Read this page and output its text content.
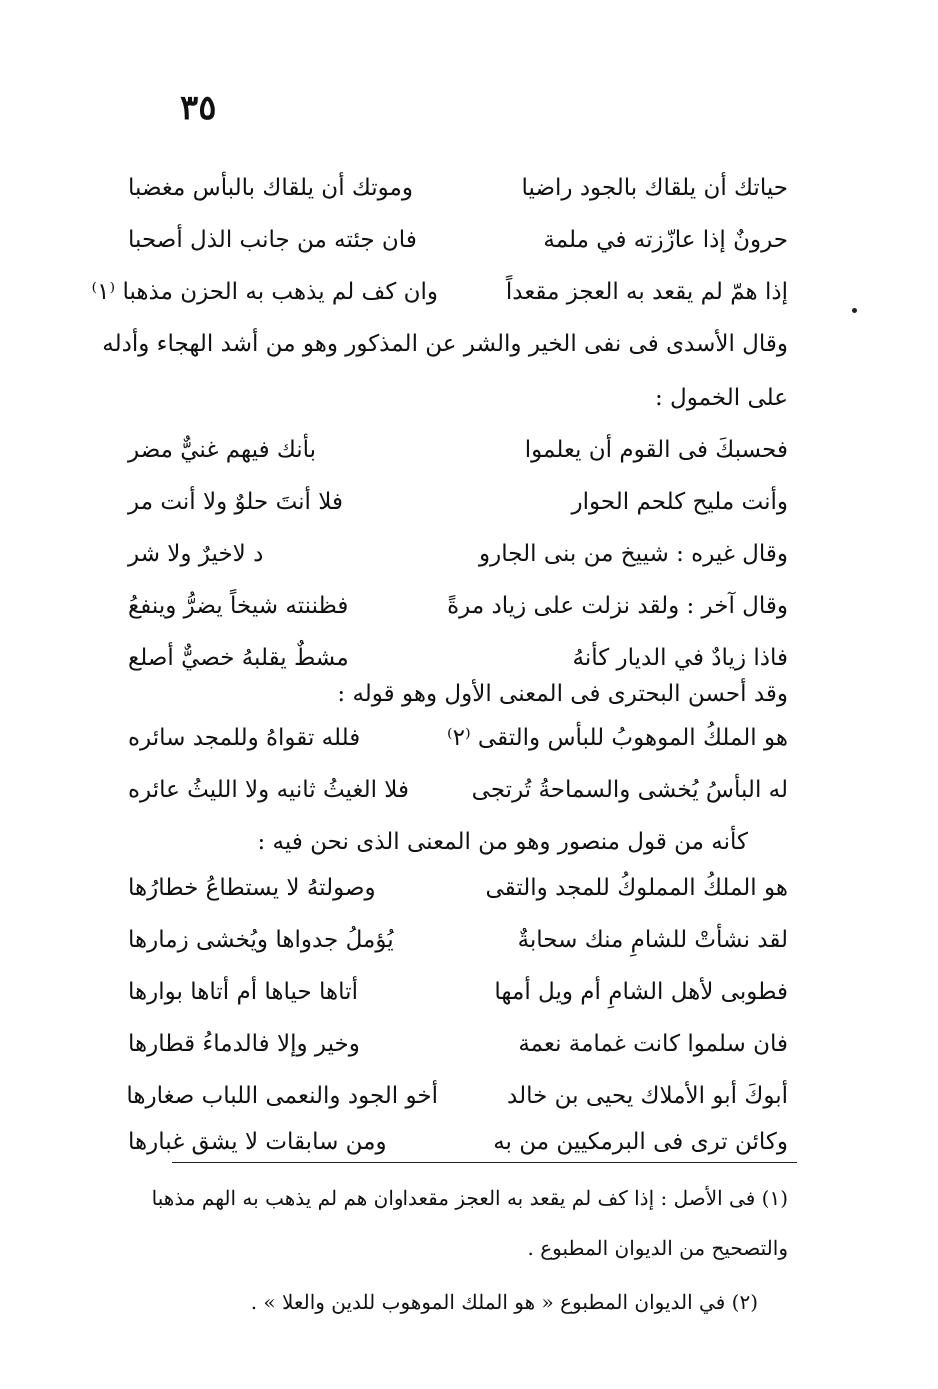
٣٥
حياتك أن يلقاك بالجود راضيا
وموتك أن يلقاك بالبأس مغضبا
حرونٌ إذا عازّزته في ملمة
فان جئته من جانب الذل أصحبا
إذا همّ لم يقعد به العجز مقعداً
وان كف لم يذهب به الحزن مذهبا ⁽١⁾
وقال الأسدى فى نفى الخير والشر عن المذكور وهو من أشد الهجاء وأدله
على الخمول :
فحسبكَ فى القوم أن يعلموا
بأنك فيهم غنيٌّ مضر
وأنت مليح كلحم الحوار
فلا أنتَ حلوٌ ولا أنت مر
وقال غيره : شييخ من بنى الجارو
د لاخيرٌ ولا شر
وقال آخر : ولقد نزلت على زياد مرةً
فظننته شيخاً يضرُّ وينفعُ
فاذا زيادٌ في الديار كأنهُ
مشطٌ يقلبهُ خصيٌّ أصلع
وقد أحسن البحترى فى المعنى الأول وهو قوله :
هو الملكُ الموهوبُ للبأس والتقى ⁽٢⁾
فلله تقواهُ وللمجد سائره
له البأسُ يُخشى والسماحةُ تُرتجى
فلا الغيثُ ثانيه ولا الليثُ عائره
كأنه من قول منصور وهو من المعنى الذى نحن فيه :
هو الملكُ المملوكُ للمجد والتقى
وصولتهُ لا يستطاعُ خطارُها
لقد نشأتْ للشامِ منك سحابةٌ
يُؤملُ جدواها ويُخشى زمارها
فطوبى لأهل الشامِ أم ويل أمها
أتاها حياها أم أتاها بوارها
فان سلموا كانت غمامة نعمة
وخير وإلا فالدماءُ قطارها
أبوكَ أبو الأملاك يحيى بن خالد
أخو الجود والنعمى اللباب صغارها
وكائن ترى فى البرمكيين من به
ومن سابقات لا يشق غبارها
(١) فى الأصل : إذا كف لم يقعد به العجز مقعدا وان هم لم يذهب به الهم مذهبا
والتصحيح من الديوان المطبوع .
(٢) في الديوان المطبوع « هو الملك الموهوب للدين والعلا » .
